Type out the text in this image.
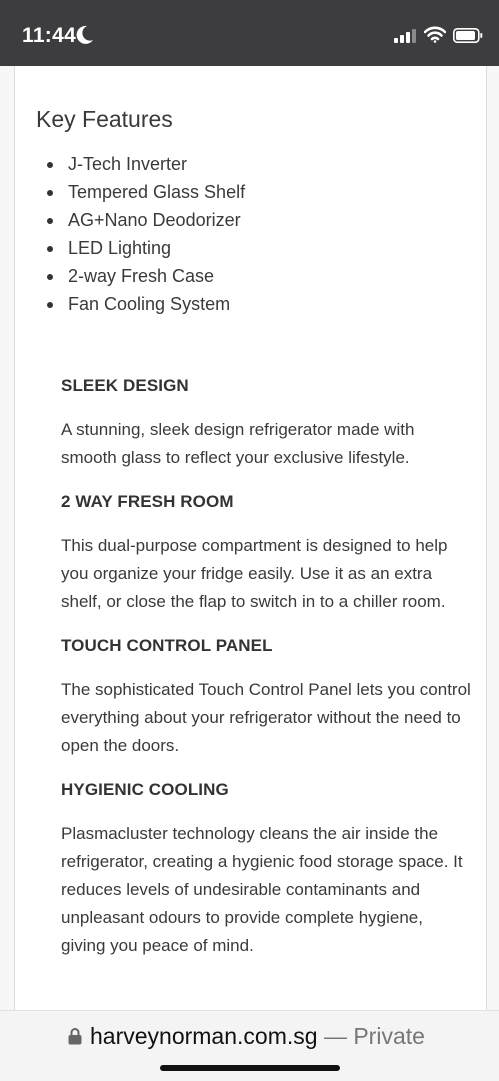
11:44
Key Features
J-Tech Inverter
Tempered Glass Shelf
AG+Nano Deodorizer
LED Lighting
2-way Fresh Case
Fan Cooling System
SLEEK DESIGN

A stunning, sleek design refrigerator made with smooth glass to reflect your exclusive lifestyle.

2 WAY FRESH ROOM

This dual-purpose compartment is designed to help you organize your fridge easily. Use it as an extra shelf, or close the flap to switch in to a chiller room.

TOUCH CONTROL PANEL

The sophisticated Touch Control Panel lets you control everything about your refrigerator without the need to open the doors.

HYGIENIC COOLING

Plasmacluster technology cleans the air inside the refrigerator, creating a hygienic food storage space. It reduces levels of undesirable contaminants and unpleasant odours to provide complete hygiene, giving you peace of mind.

harveynorman.com.sg — Private
